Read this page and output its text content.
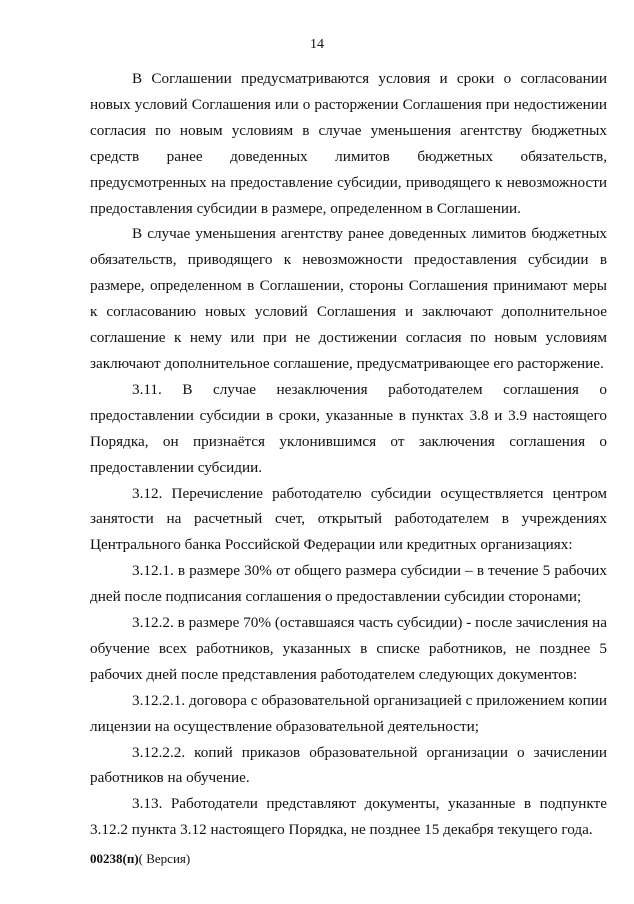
14

В Соглашении предусматриваются условия и сроки о согласовании новых условий Соглашения или о расторжении Соглашения при недостижении согласия по новым условиям в случае уменьшения агентству бюджетных средств ранее доведенных лимитов бюджетных обязательств, предусмотренных на предоставление субсидии, приводящего к невозможности предоставления субсидии в размере, определенном в Соглашении.

В случае уменьшения агентству ранее доведенных лимитов бюджетных обязательств, приводящего к невозможности предоставления субсидии в размере, определенном в Соглашении, стороны Соглашения принимают меры к согласованию новых условий Соглашения и заключают дополнительное соглашение к нему или при не достижении согласия по новым условиям заключают дополнительное соглашение, предусматривающее его расторжение.

3.11. В случае незаключения работодателем соглашения о предоставлении субсидии в сроки, указанные в пунктах 3.8 и 3.9 настоящего Порядка, он признаётся уклонившимся от заключения соглашения о предоставлении субсидии.

3.12. Перечисление работодателю субсидии осуществляется центром занятости на расчетный счет, открытый работодателем в учреждениях Центрального банка Российской Федерации или кредитных организациях:

3.12.1. в размере 30% от общего размера субсидии – в течение 5 рабочих дней после подписания соглашения о предоставлении субсидии сторонами;

3.12.2. в размере 70% (оставшаяся часть субсидии) - после зачисления на обучение всех работников, указанных в списке работников, не позднее 5 рабочих дней после представления работодателем следующих документов:

3.12.2.1. договора с образовательной организацией с приложением копии лицензии на осуществление образовательной деятельности;

3.12.2.2. копий приказов образовательной организации о зачислении работников на обучение.

3.13. Работодатели представляют документы, указанные в подпункте 3.12.2 пункта 3.12 настоящего Порядка, не позднее 15 декабря текущего года.

00238(п)( Версия)
